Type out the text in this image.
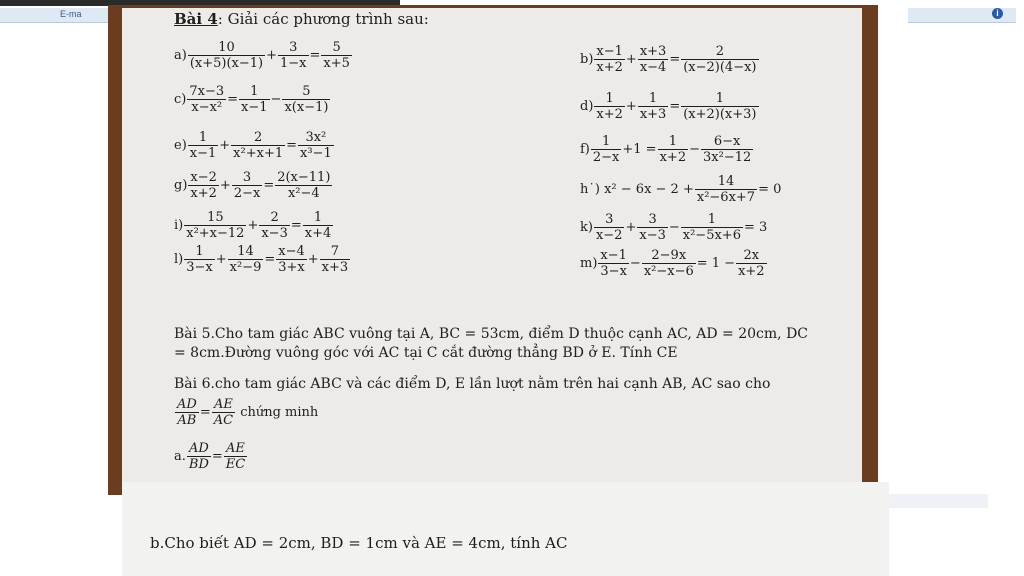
E-ma	i
Bài 4: Giải các phương trình sau:
$a) \frac{10}{(x+5)(x-1)} + \frac{3}{1-x} = \frac{5}{x+5}$	$b) \frac{x-1}{x+2} + \frac{x+3}{x-4} = \frac{2}{(x-2)(4-x)}$
$c) \frac{7x-3}{\text{x−x²}} = \frac{1}{x-1} - \frac{5}{x(x-1)}$	$d) \frac{1}{x+2} + \frac{1}{x+3} = \frac{1}{(x+2)(x+3)}$
$e) \frac{1}{x-1} + \frac{2}{\text{x²+x+1}} = \frac{\text{3x²}}{\text{x³−1}}$	$f) \frac{1}{2-x} +1 = \frac{1}{x+2} - \frac{6-x}{\text{3x²−12}}$
$g) \frac{x-2}{x+2} + \frac{3}{2-x} = \frac{2(x-11)}{\text{x²−4}}$	h˙) $x^2 - 6x - 2 + \frac{14}{\text{x²−6x+7}} = 0$
$i) \frac{15}{\text{x²+x−12}} + \frac{2}{x-3} = \frac{1}{x+4}$	$k) \frac{3}{x-2} + \frac{3}{x-3} - \frac{1}{\text{x²−5x+6}} = 3$
$l) \frac{1}{3-x} + \frac{14}{\text{x²−9}} = \frac{x-4}{3+x} + \frac{7}{x+3}$	$m) \frac{x-1}{3-x} - \frac{2-9x}{\text{x²−x−6}} = 1 - \frac{2x}{x+2}$
Bài 5.Cho tam giác ABC vuông tại A, BC = 53cm, điểm D thuộc cạnh AC, AD = 20cm, DC
= 8cm.Đường vuông góc với AC tại C cắt đường thẳng BD ở E. Tính CE
Bài 6.cho tam giác ABC và các điểm D, E lần lượt nằm trên hai cạnh AB, AC sao cho
$\frac{AD}{AB} = \frac{AE}{AC}$ chứng minh
a. $\frac{AD}{BD} = \frac{AE}{EC}$
b.Cho biết AD = 2cm, BD = 1cm và AE = 4cm, tính AC
